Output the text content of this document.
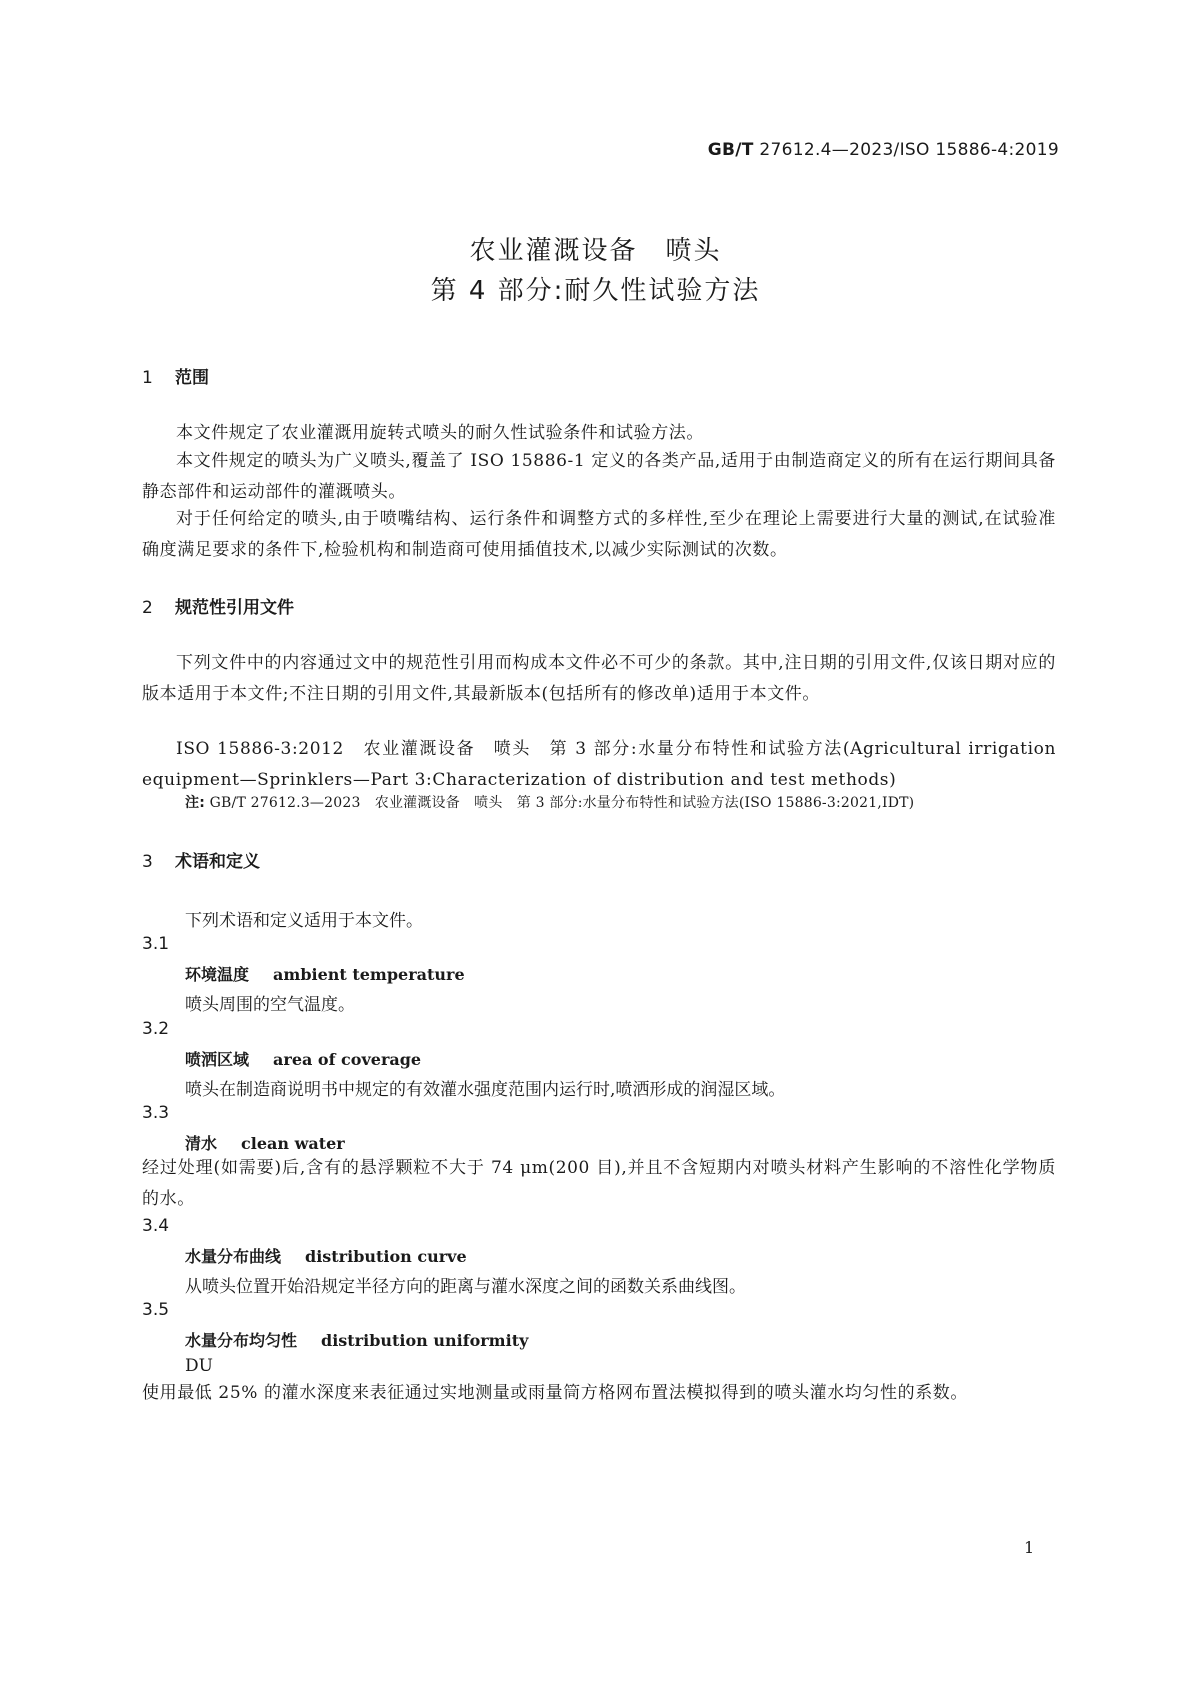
GB/T 27612.4—2023/ISO 15886-4:2019
农业灌溉设备　喷头
第 4 部分:耐久性试验方法
1 范围
本文件规定了农业灌溉用旋转式喷头的耐久性试验条件和试验方法。
本文件规定的喷头为广义喷头,覆盖了 ISO 15886-1 定义的各类产品,适用于由制造商定义的所有在运行期间具备静态部件和运动部件的灌溉喷头。
对于任何给定的喷头,由于喷嘴结构、运行条件和调整方式的多样性,至少在理论上需要进行大量的测试,在试验准确度满足要求的条件下,检验机构和制造商可使用插值技术,以减少实际测试的次数。
2 规范性引用文件
下列文件中的内容通过文中的规范性引用而构成本文件必不可少的条款。其中,注日期的引用文件,仅该日期对应的版本适用于本文件;不注日期的引用文件,其最新版本(包括所有的修改单)适用于本文件。
ISO 15886-3:2012　农业灌溉设备　喷头　第 3 部分:水量分布特性和试验方法(Agricultural irrigation equipment—Sprinklers—Part 3:Characterization of distribution and test methods)
注: GB/T 27612.3—2023　农业灌溉设备　喷头　第 3 部分:水量分布特性和试验方法(ISO 15886-3:2021,IDT)
3 术语和定义
下列术语和定义适用于本文件。
3.1
环境温度 ambient temperature
喷头周围的空气温度。
3.2
喷洒区域 area of coverage
喷头在制造商说明书中规定的有效灌水强度范围内运行时,喷洒形成的润湿区域。
3.3
清水 clean water
经过处理(如需要)后,含有的悬浮颗粒不大于 74 μm(200 目),并且不含短期内对喷头材料产生影响的不溶性化学物质的水。
3.4
水量分布曲线 distribution curve
从喷头位置开始沿规定半径方向的距离与灌水深度之间的函数关系曲线图。
3.5
水量分布均匀性 distribution uniformity
DU
使用最低 25% 的灌水深度来表征通过实地测量或雨量筒方格网布置法模拟得到的喷头灌水均匀性的系数。
1
